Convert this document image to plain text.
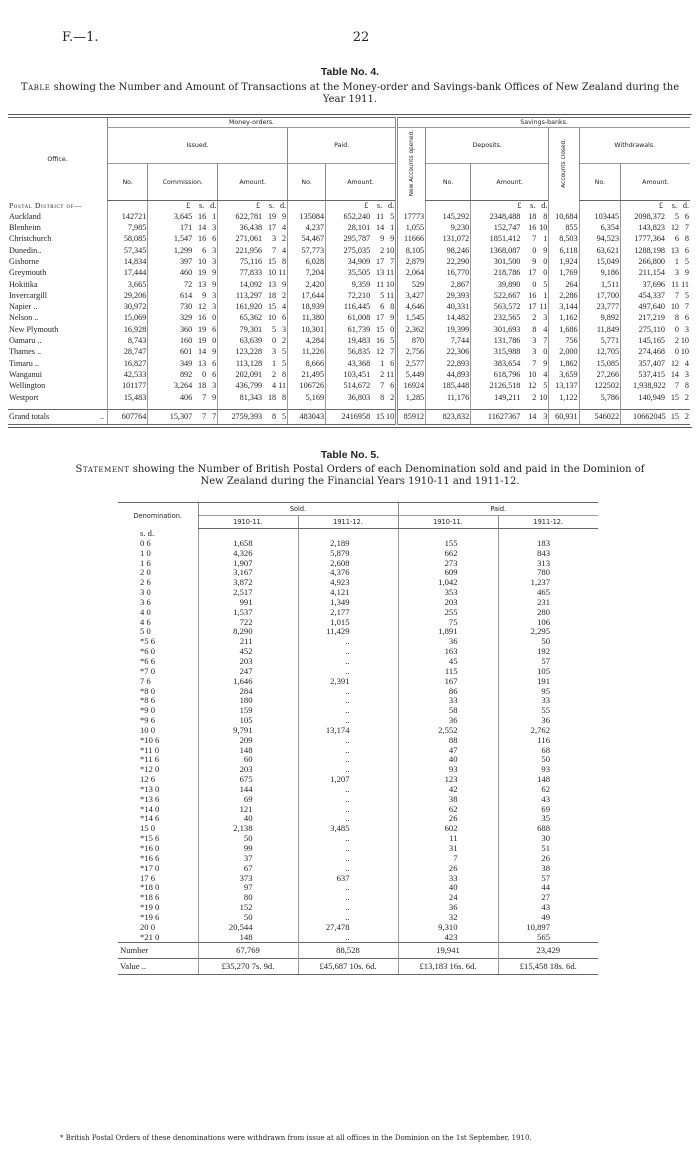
F.—1.	22
Table No. 4.
Table showing the Number and Amount of Transactions at the Money-order and Savings-bank Offices of New Zealand during the Year 1911.
Office.	Money-orders.					Savings-banks.					
	Issued.			Paid.		New Accounts opened.	Deposits.		Accounts closed.	Withdrawals.	
	No.	Commission.	Amount.	No.	Amount.		No.	Amount.		No.	Amount.
Postal District of—		£ s. d.	£ s. d.		£ s. d.			£ s. d.			£ s. d.
Auckland	142721	3,645 16 1	622,781 19 9	135084	652,240 11 5	17773	145,292	2348,488 18 8	10,684	103445	2098,372 5 6
Blenheim	7,985	171 14 3	36,438 17 4	4,237	28,101 14 1	1,055	9,230	152,747 16 10	855	6,354	143,823 12 7
Christchurch	58,085	1,547 16 6	271,061 3 2	54,467	295,787 9 9	11666	131,072	1851,412 7 1	8,503	94,523	1777,364 6 8
Dunedin..	57,345	1,299 6 3	221,956 7 4	57,773	275,035 2 10	8,105	98,246	1368,087 0 9	6,118	63,621	1288,198 13 6
Gisborne	14,834	397 10 3	75,116 15 8	6,028	34,909 17 7	2,879	22,290	301,500 9 0	1,924	15,049	266,800 1 5
Greymouth	17,444	460 19 9	77,833 10 11	7,204	35,505 13 11	2,064	16,770	218,786 17 0	1,769	9,186	211,154 3 9
Hokitika	3,665	72 13 9	14,092 13 9	2,420	9,359 11 10	529	2,867	39,890 0 5	264	1,511	37,696 11 11
Invercargill	29,206	614 9 3	113,297 18 2	17,644	72,210 5 11	3,427	29,393	522,667 16 1	2,286	17,700	454,337 7 5
Napier ..	30,972	730 12 3	161,920 15 4	18,939	116,445 6 8	4,646	40,331	563,572 17 11	3,144	23,777	497,640 10 7
Nelson ..	15,069	329 16 0	65,362 10 6	11,380	61,008 17 9	1,545	14,482	232,565 2 3	1,162	9,892	217,219 8 6
New Plymouth	16,928	360 19 6	79,301 5 3	10,301	61,739 15 0	2,362	19,399	301,693 8 4	1,686	11,849	275,110 0 3
Oamaru ..	8,743	160 19 0	63,639 0 2	4,284	19,483 16 5	870	7,744	131,786 3 7	756	5,771	145,165 2 10
Thames ..	28,747	601 14 9	123,228 3 5	11,226	56,835 12 7	2,756	22,306	315,988 3 0	2,000	12,705	274,468 0 10
Timaru ..	16,827	349 13 6	113,128 1 5	8,666	43,368 1 6	2,577	22,893	383,654 7 9	1,862	15,085	357,407 12 4
Wanganui	42,533	892 0 6	202,091 2 8	21,495	103,451 2 11	5,449	44,893	618,796 10 4	3,659	27,266	537,415 14 3
Wellington	101177	3,264 18 3	436,799 4 11	106726	514,672 7 6	16924	185,448	2126,518 12 5	13,137	122502	1,938,922 7 8
Westport	15,483	406 7 9	81,343 18 8	5,169	36,803 8 2	1,285	11,176	149,211 2 10	1,122	5,786	140,949 15 2

Grand totals ..	607764	15,307 7 7	2759,393 8 5	483043	2416958 15 10	85912	823,832	11627367 14 3	60,931	546022	10662045 15 2
Table No. 5.
Statement showing the Number of British Postal Orders of each Denomination sold and paid in the Dominion of New Zealand during the Financial Years 1910-11 and 1911-12.
Denomination.	Sold.		Paid.	
	1910-11.	1911-12.	1910-11.	1911-12.
s. d.				
0 6	1,658	2,189	155	183
1 0	4,326	5,879	662	843
1 6	1,907	2,608	273	313
2 0	3,167	4,376	609	780
2 6	3,872	4,923	1,042	1,237
3 0	2,517	4,121	353	465
3 6	991	1,349	203	231
4 0	1,537	2,177	255	280
4 6	722	1,015	75	106
5 0	8,290	11,429	1,891	2,295
*5 6	211	..	36	50
*6 0	452	..	163	192
*6 6	203	..	45	57
*7 0	247	..	115	105
7 6	1,646	2,391	167	191
*8 0	284	..	86	95
*8 6	180	..	33	33
*9 0	159	..	58	55
*9 6	105	..	36	36
10 0	9,791	13,174	2,552	2,762
*10 6	209	..	88	116
*11 0	148	..	47	68
*11 6	60	..	40	50
*12 0	203	..	93	93
12 6	675	1,207	123	148
*13 0	144	..	42	62
*13 6	69	..	38	43
*14 0	121	..	62	69
*14 6	40	..	26	35
15 0	2,138	3,485	602	688
*15 6	50	..	11	30
*16 0	99	..	31	51
*16 6	37	..	7	26
*17 0	67	..	26	38
17 6	373	637	33	57
*18 0	97	..	40	44
*18 6	80	..	24	27
*19 0	152	..	36	43
*19 6	50	..	32	49
20 0	20,544	27,478	9,310	10,897
*21 0	148	..	423	565
Number	67,769	88,528	19,941	23,429
Value ..	£35,270 7s. 9d.	£45,687 10s. 6d.	£13,183 16s. 6d.	£15,458 18s. 6d.
* British Postal Orders of these denominations were withdrawn from issue at all offices in the Dominion on the 1st September, 1910.
